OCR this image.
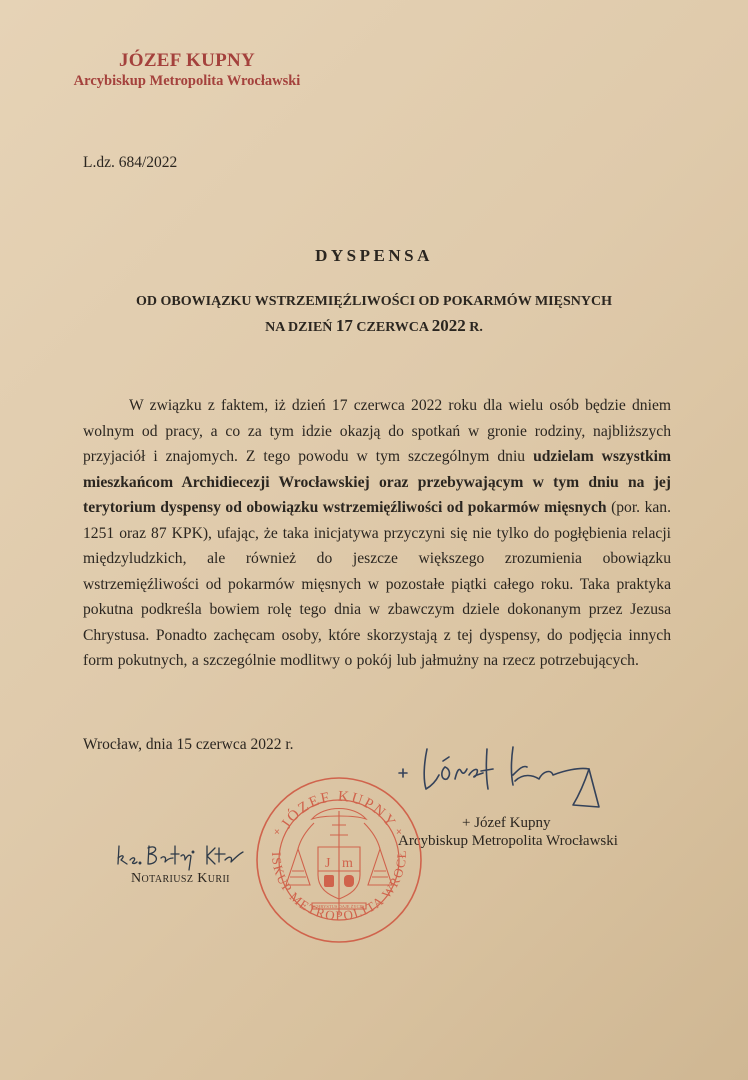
JÓZEF KUPNY
Arcybiskup Metropolita Wrocławski
L.dz. 684/2022
DYSPENSA
OD OBOWIĄZKU WSTRZEMIĘŹLIWOŚCI OD POKARMÓW MIĘSNYCH
NA DZIEŃ 17 CZERWCA 2022 R.
W związku z faktem, iż dzień 17 czerwca 2022 roku dla wielu osób będzie dniem wolnym od pracy, a co za tym idzie okazją do spotkań w gronie rodziny, najbliższych przyjaciół i znajomych. Z tego powodu w tym szczególnym dniu udzielam wszystkim mieszkańcom Archidiecezji Wrocławskiej oraz przebywającym w tym dniu na jej terytorium dyspensy od obowiązku wstrzemięźliwości od pokarmów mięsnych (por. kan. 1251 oraz 87 KPK), ufając, że taka inicjatywa przyczyni się nie tylko do pogłębienia relacji międzyludzkich, ale również do jeszcze większego zrozumienia obowiązku wstrzemięźliwości od pokarmów mięsnych w pozostałe piątki całego roku. Taka praktyka pokutna podkreśla bowiem rolę tego dnia w zbawczym dziele dokonanym przez Jezusa Chrystusa. Ponadto zachęcam osoby, które skorzystają z tej dyspensy, do podjęcia innych form pokutnych, a szczególnie modlitwy o pokój lub jałmużny na rzecz potrzebujących.
Wrocław, dnia 15 czerwca 2022 r.
+ Józef Kupny
Arcybiskup Metropolita Wrocławski
Notariusz Kurii
JÓZEF KUPNY
ARCYBISKUP METROPOLITA WROCŁAWSKI
J m
CHRYSTUS DAJE ŻYCIE
×	×
